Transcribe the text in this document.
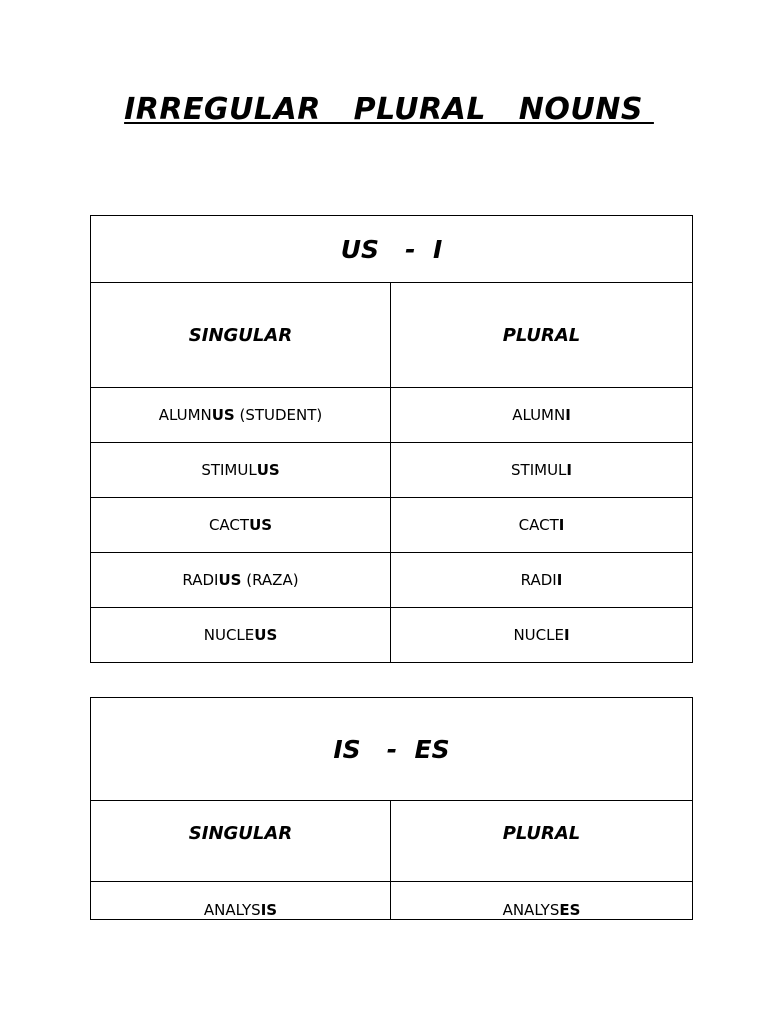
IRREGULAR   PLURAL   NOUNS
US   -  I	
SINGULAR	PLURAL
ALUMNUS (STUDENT)	ALUMNI
STIMULUS	STIMULI
CACTUS	CACTI
RADIUS (RAZA)	RADII
NUCLEUS	NUCLEI
IS   -  ES	
SINGULAR	PLURAL
ANALYSIS	ANALYSES
